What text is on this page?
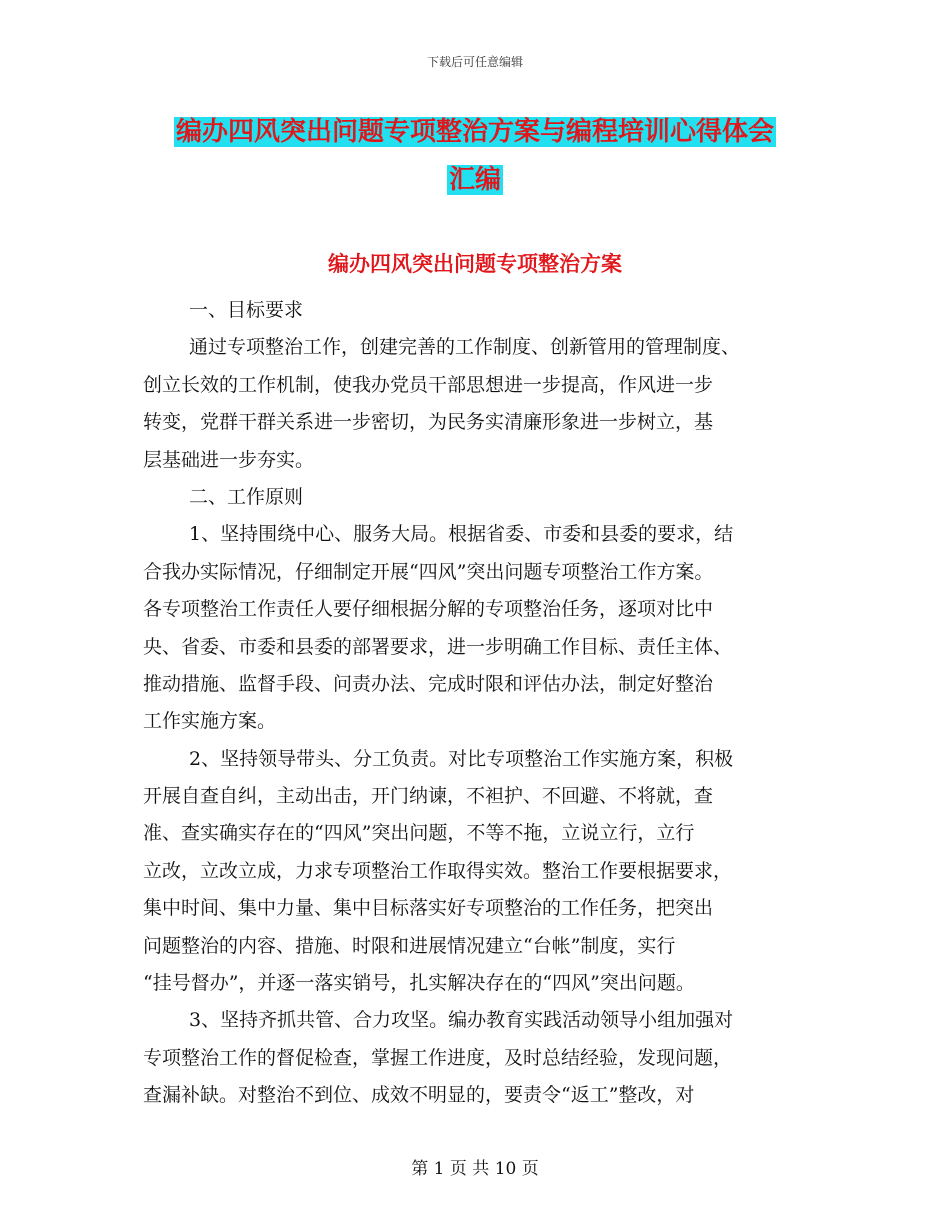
下载后可任意编辑
编办四风突出问题专项整治方案与编程培训心得体会
汇编
编办四风突出问题专项整治方案
一、目标要求
通过专项整治工作，创建完善的工作制度、创新管用的管理制度、
创立长效的工作机制，使我办党员干部思想进一步提高，作风进一步
转变，党群干群关系进一步密切，为民务实清廉形象进一步树立，基
层基础进一步夯实。
二、工作原则
1、坚持围绕中心、服务大局。根据省委、市委和县委的要求，结
合我办实际情况，仔细制定开展“四风”突出问题专项整治工作方案。
各专项整治工作责任人要仔细根据分解的专项整治任务，逐项对比中
央、省委、市委和县委的部署要求，进一步明确工作目标、责任主体、
推动措施、监督手段、问责办法、完成时限和评估办法，制定好整治
工作实施方案。
2、坚持领导带头、分工负责。对比专项整治工作实施方案，积极
开展自查自纠，主动出击，开门纳谏，不袒护、不回避、不将就，查
准、查实确实存在的“四风”突出问题，不等不拖，立说立行，立行
立改，立改立成，力求专项整治工作取得实效。整治工作要根据要求，
集中时间、集中力量、集中目标落实好专项整治的工作任务，把突出
问题整治的内容、措施、时限和进展情况建立“台帐”制度，实行
“挂号督办”，并逐一落实销号，扎实解决存在的“四风”突出问题。
3、坚持齐抓共管、合力攻坚。编办教育实践活动领导小组加强对
专项整治工作的督促检查，掌握工作进度，及时总结经验，发现问题，
查漏补缺。对整治不到位、成效不明显的，要责令“返工”整改，对
第 1 页 共 10 页
